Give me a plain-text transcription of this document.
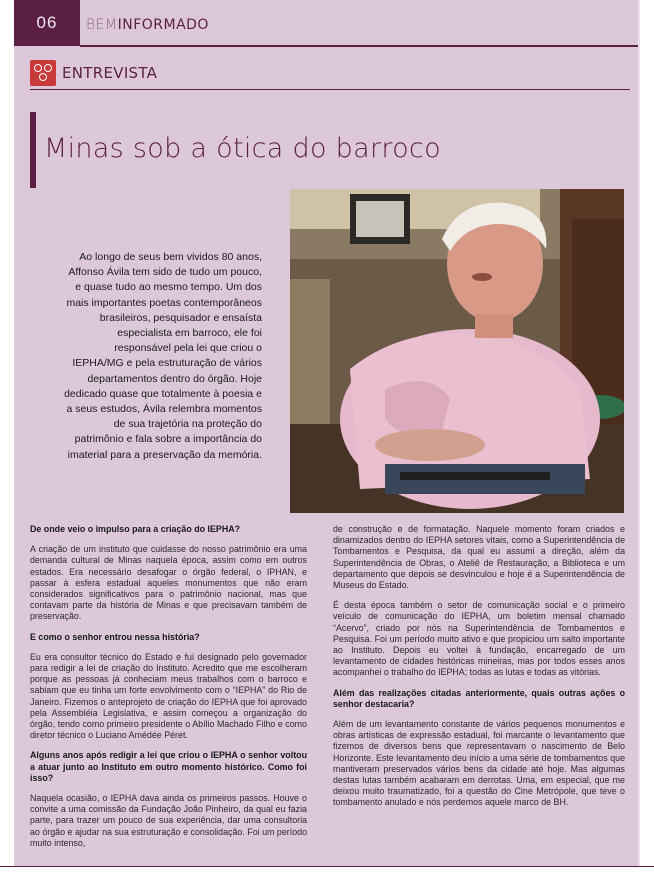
06	BEMINFORMADO
ENTREVISTA
Minas sob a ótica do barroco
Ao longo de seus bem vividos 80 anos, Affonso Ávila tem sido de tudo um pouco, e quase tudo ao mesmo tempo. Um dos mais importantes poetas contemporâneos brasileiros, pesquisador e ensaísta especialista em barroco, ele foi responsável pela lei que criou o IEPHA/MG e pela estruturação de vários departamentos dentro do órgão. Hoje dedicado quase que totalmente à poesia e a seus estudos, Ávila relembra momentos de sua trajetória na proteção do patrimônio e fala sobre a importância do imaterial para a preservação da memória.

De onde veio o impulso para a criação do IEPHA?

A criação de um instituto que cuidasse do nosso patrimônio era uma demanda cultural de Minas naquela época, assim como em outros estados. Era necessário desafogar o órgão federal, o IPHAN, e passar à esfera estadual aqueles monumentos que não eram considerados significativos para o patrimônio nacional, mas que contavam parte da história de Minas e que precisavam também de preservação.

E como o senhor entrou nessa história?

Eu era consultor técnico do Estado e fui designado pelo governador para redigir a lei de criação do Instituto. Acredito que me escolheram porque as pessoas já conheciam meus trabalhos com o barroco e sabiam que eu tinha um forte envolvimento com o “IEPHA” do Rio de Janeiro. Fizemos o anteprojeto de criação do IEPHA que foi aprovado pela Assembléia Legislativa, e assim começou a organização do órgão, tendo como primeiro presidente o Abílio Machado Filho e como diretor técnico o Luciano Amédée Péret.

Alguns anos após redigir a lei que criou o IEPHA o senhor voltou a atuar junto ao Instituto em outro momento histórico. Como foi isso?

Naquela ocasião, o IEPHA dava ainda os primeiros passos. Houve o convite a uma comissão da Fundação João Pinheiro, da qual eu fazia parte, para trazer um pouco de sua experiência, dar uma consultoria ao órgão e ajudar na sua estruturação e consolidação. Foi um período muito intenso,

de construção e de formatação. Naquele momento foram criados e dinamizados dentro do IEPHA setores vitais, como a Superintendência de Tombamentos e Pesquisa, da qual eu assumi a direção, além da Superintendência de Obras, o Ateliê de Restauração, a Biblioteca e um departamento que depois se desvinculou e hoje é a Superintendência de Museus do Estado.

É desta época também o setor de comunicação social e o primeiro veículo de comunicação do IEPHA, um boletim mensal chamado “Acervo”, criado por nós na Superintendência de Tombamentos e Pesquisa. Foi um período muito ativo e que propiciou um salto importante ao Instituto. Depois eu voltei à fundação, encarregado de um levantamento de cidades históricas mineiras, mas por todos esses anos acompanhei o trabalho do IEPHA; todas as lutas e todas as vitórias.

Além das realizações citadas anteriormente, quais outras ações o senhor destacaria?

Além de um levantamento constante de vários pequenos monumentos e obras artísticas de expressão estadual, foi marcante o levantamento que fizemos de diversos bens que representavam o nascimento de Belo Horizonte. Este levantamento deu início a uma série de tombamentos que mantiveram preservados vários bens da cidade até hoje. Mas algumas destas lutas também acabaram em derrotas. Uma, em especial, que me deixou muito traumatizado, foi a questão do Cine Metrópole, que teve o tombamento anulado e nós perdemos aquele marco de BH.
